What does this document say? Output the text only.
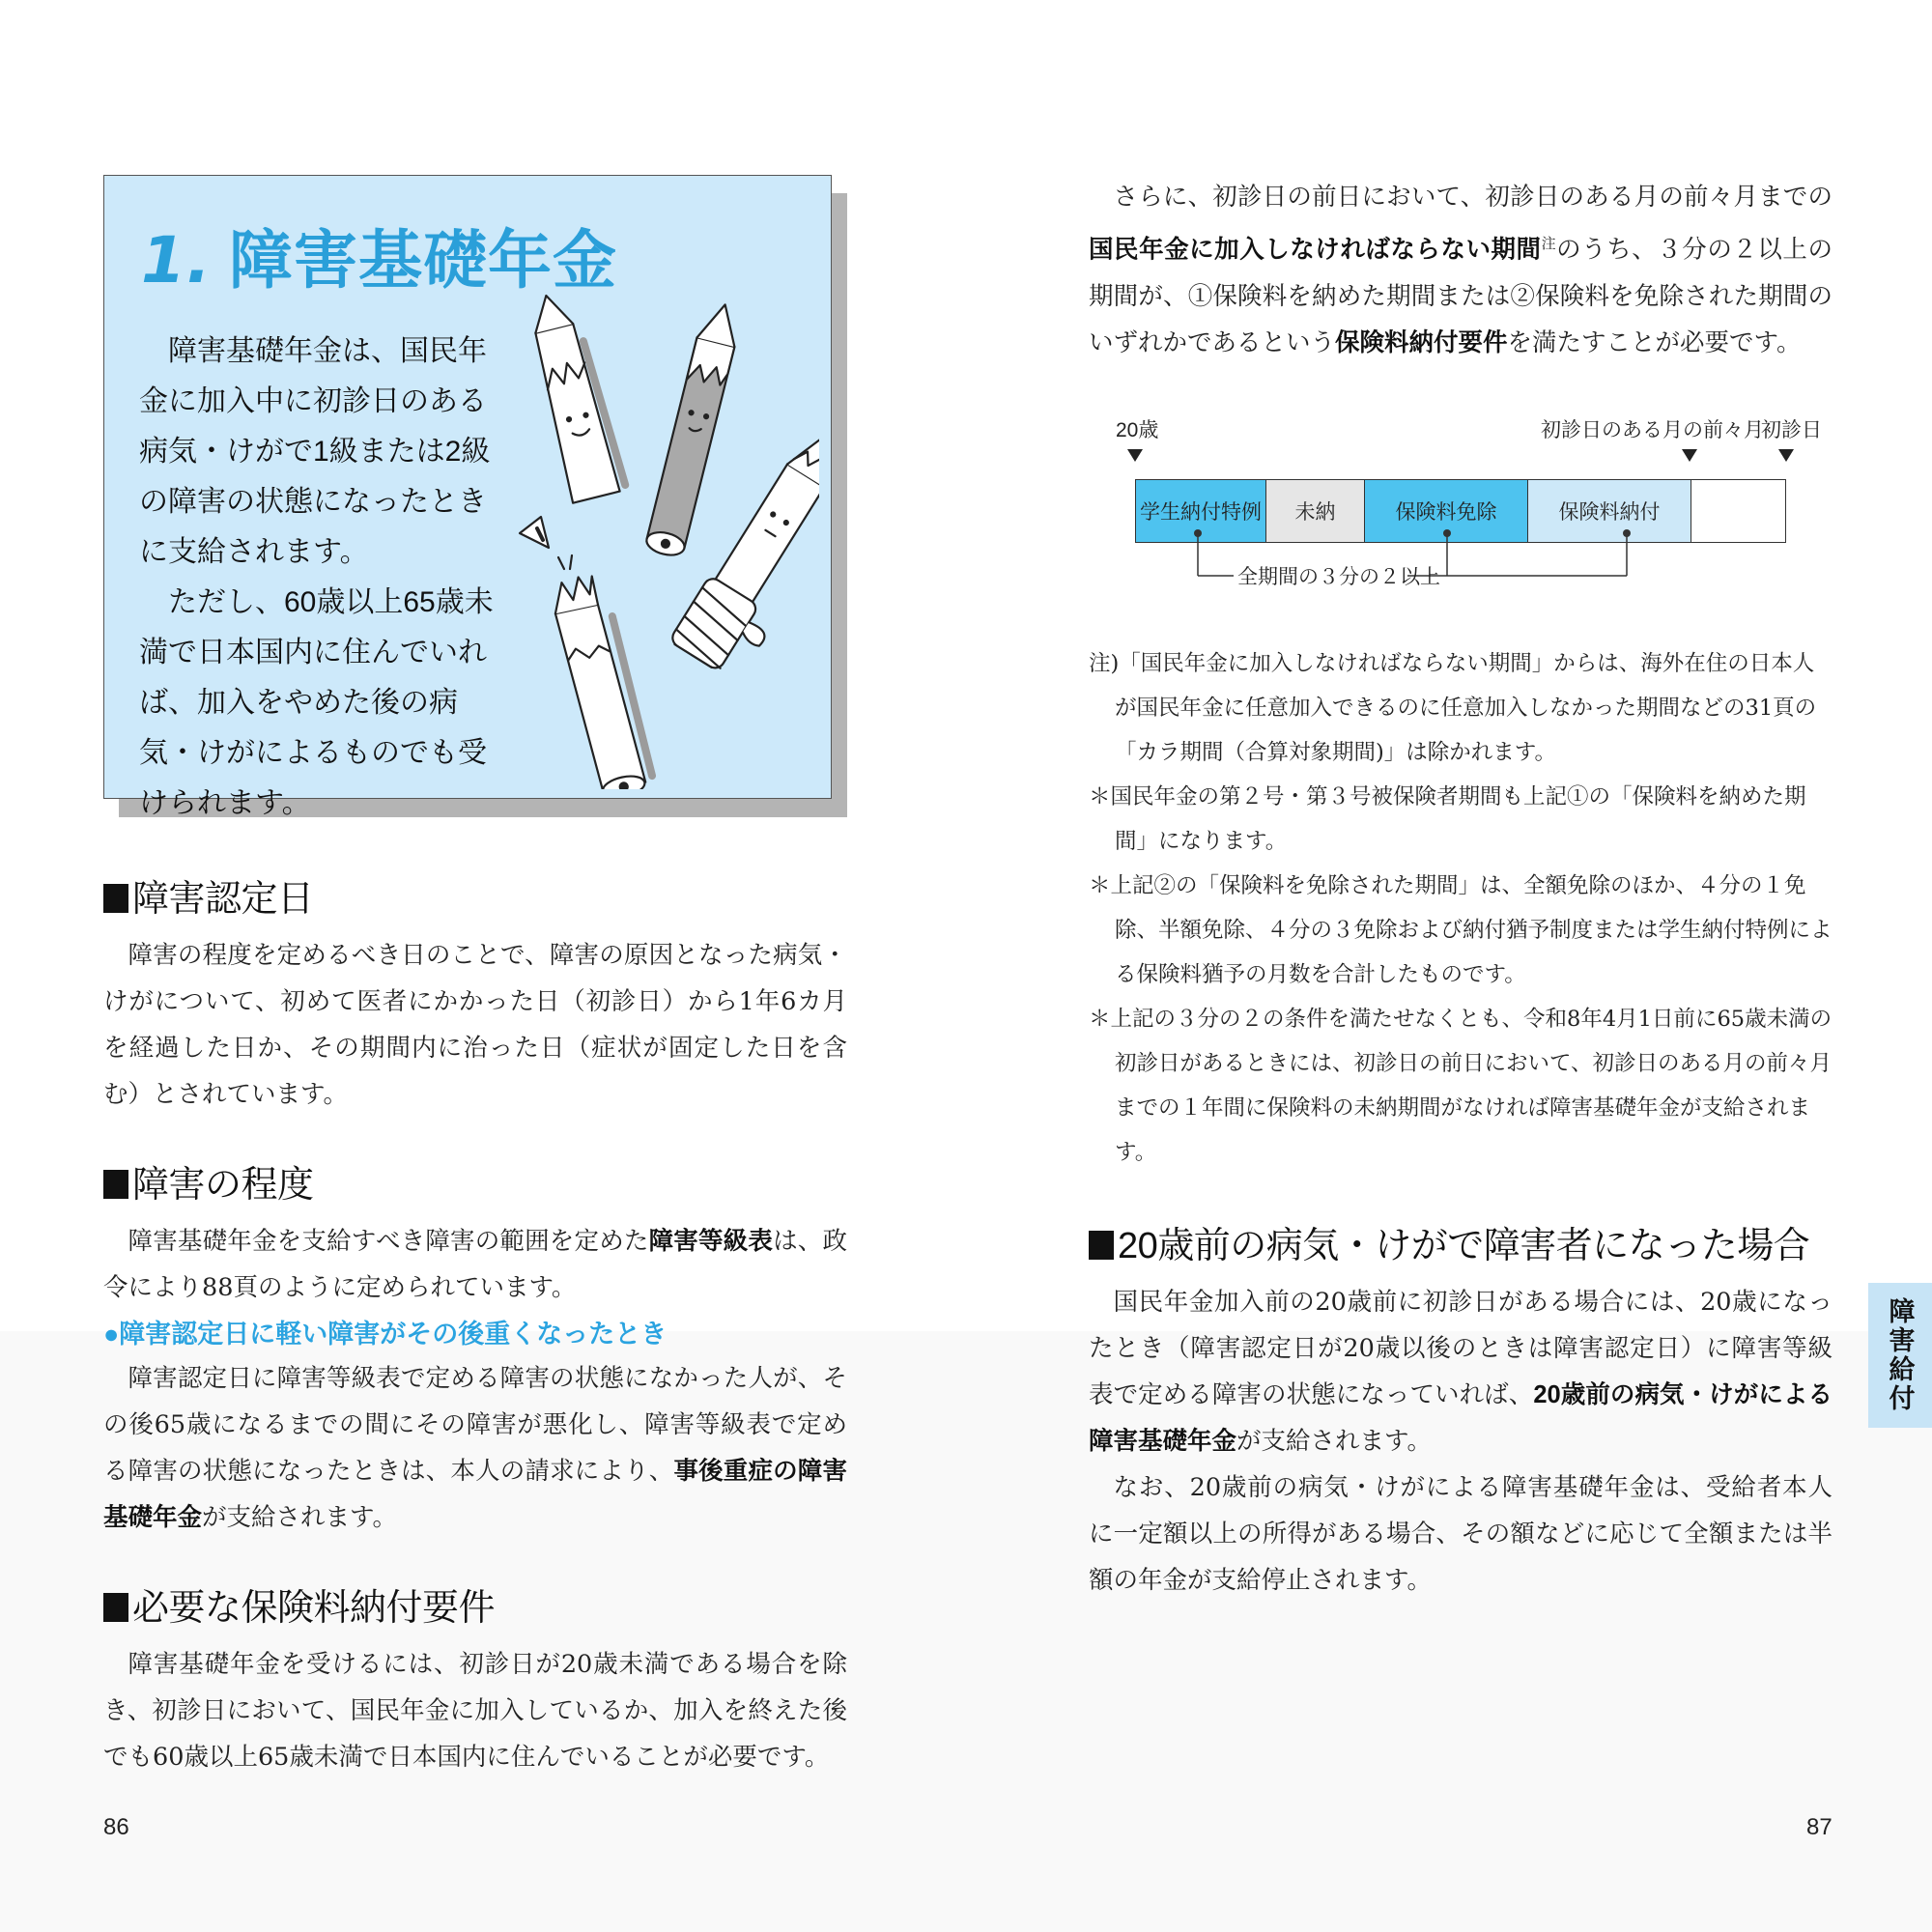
1. 障害基礎年金

障害基礎年金は、国民年金に加入中に初診日のある病気・けがで1級または2級の障害の状態になったときに支給されます。

ただし、60歳以上65歳未満で日本国内に住んでいれば、加入をやめた後の病気・けがによるものでも受けられます。

障害認定日

障害の程度を定めるべき日のことで、障害の原因となった病気・けがについて、初めて医者にかかった日（初診日）から1年6カ月を経過した日か、その期間内に治った日（症状が固定した日を含む）とされています。

障害の程度

障害基礎年金を支給すべき障害の範囲を定めた障害等級表は、政令により88頁のように定められています。

●障害認定日に軽い障害がその後重くなったとき

障害認定日に障害等級表で定める障害の状態になかった人が、その後65歳になるまでの間にその障害が悪化し、障害等級表で定める障害の状態になったときは、本人の請求により、事後重症の障害基礎年金が支給されます。

必要な保険料納付要件

障害基礎年金を受けるには、初診日が20歳未満である場合を除き、初診日において、国民年金に加入しているか、加入を終えた後でも60歳以上65歳未満で日本国内に住んでいることが必要です。

さらに、初診日の前日において、初診日のある月の前々月までの国民年金に加入しなければならない期間$^注$のうち、３分の２以上の期間が、①保険料を納めた期間または②保険料を免除された期間のいずれかであるという保険料納付要件を満たすことが必要です。

20歳	初診日のある月の前々月
初診日
学生納付特例	未納	保険料免除	保険料納付
全期間の３分の２以上

注)「国民年金に加入しなければならない期間」からは、海外在住の日本人が国民年金に任意加入できるのに任意加入しなかった期間などの31頁の「カラ期間（合算対象期間)」は除かれます。

＊国民年金の第２号・第３号被保険者期間も上記①の「保険料を納めた期間」になります。

＊上記②の「保険料を免除された期間」は、全額免除のほか、４分の１免除、半額免除、４分の３免除および納付猶予制度または学生納付特例による保険料猶予の月数を合計したものです。

＊上記の３分の２の条件を満たせなくとも、令和8年4月1日前に65歳未満の初診日があるときには、初診日の前日において、初診日のある月の前々月までの１年間に保険料の未納期間がなければ障害基礎年金が支給されます。

20歳前の病気・けがで障害者になった場合

国民年金加入前の20歳前に初診日がある場合には、20歳になったとき（障害認定日が20歳以後のときは障害認定日）に障害等級表で定める障害の状態になっていれば、20歳前の病気・けがによる障害基礎年金が支給されます。

なお、20歳前の病気・けがによる障害基礎年金は、受給者本人に一定額以上の所得がある場合、その額などに応じて全額または半額の年金が支給停止されます。

障害給付
86	87
